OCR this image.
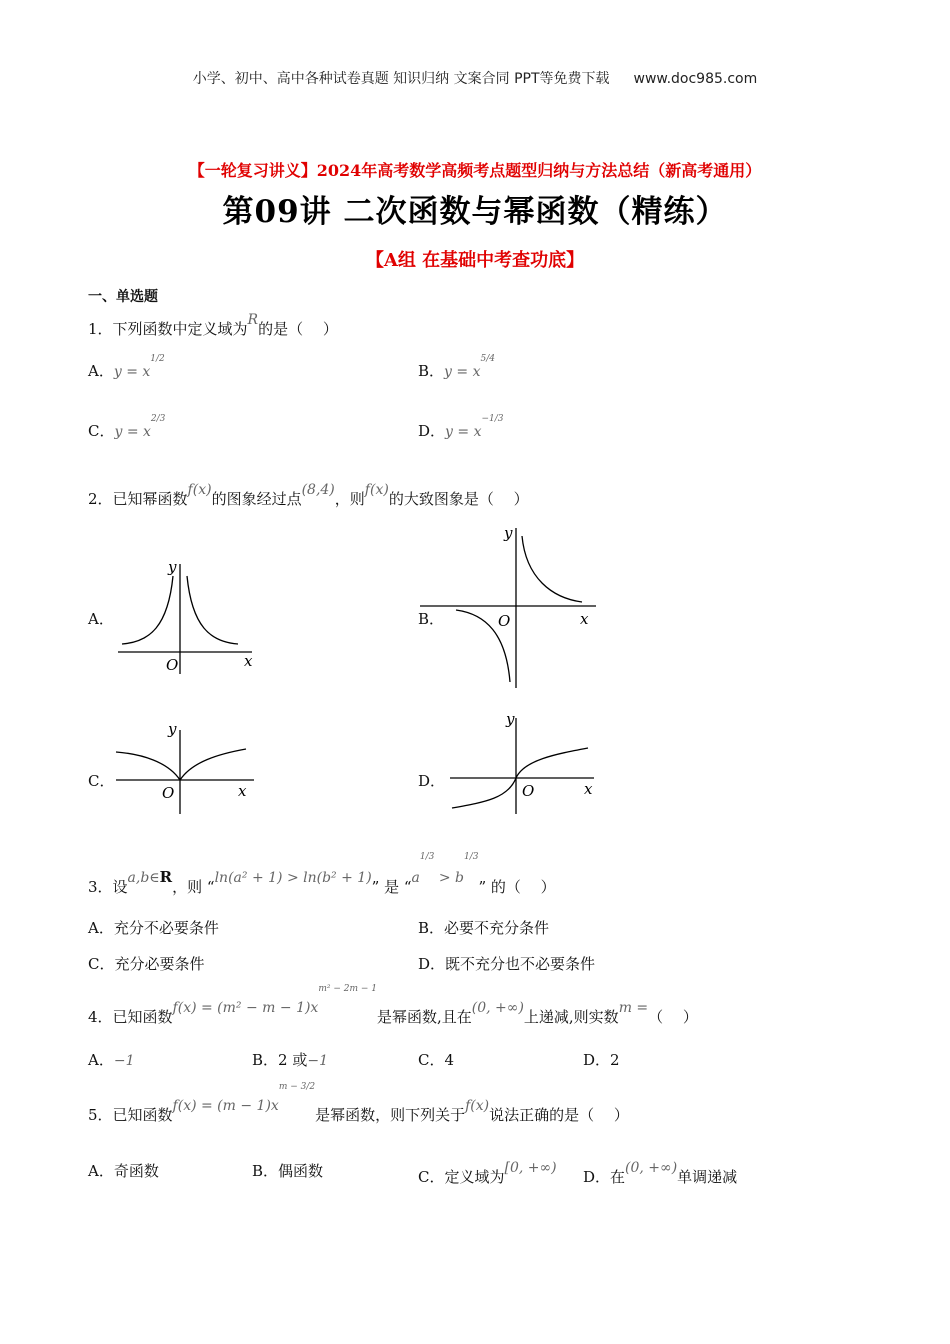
小学、初中、高中各种试卷真题 知识归纳 文案合同 PPT等免费下载 www.doc985.com
【一轮复习讲义】2024年高考数学高频考点题型归纳与方法总结（新高考通用）
第09讲 二次函数与幂函数（精练）
【A组 在基础中考查功底】
一、单选题
1．下列函数中定义域为R的是（　 ）
A．$y = x^{1/2}$
B．$y = x^{5/4}$
C．$y = x^{2/3}$
D．$y = x^{-1/3}$
2．已知幂函数f(x)的图象经过点(8,4)，则f(x)的大致图象是（　 ）
A．
y
x
O
B．
y
x
O
C．
y
x
O
D．
y
x
O
3．设a,b∈R，则 “ln(a² + 1) > ln(b² + 1)” 是 “$a^{1/3} > b^{1/3}$” 的（　 ）
A．充分不必要条件	B．必要不充分条件
C．充分必要条件	D．既不充分也不必要条件
4．已知函数$f(x) = (m^2 - m - 1)x^{m^2 - 2m - 1}$是幂函数,且在(0, +∞)上递减,则实数m =（　 ）
A．−1	B．2 或−1	C．4	D．2
5．已知函数$f(x) = (m - 1)x^{m - 3/2}$是幂函数，则下列关于f(x)说法正确的是（　 ）
A．奇函数	B．偶函数	C．定义域为[0, +∞) D．在(0, +∞)单调递减
